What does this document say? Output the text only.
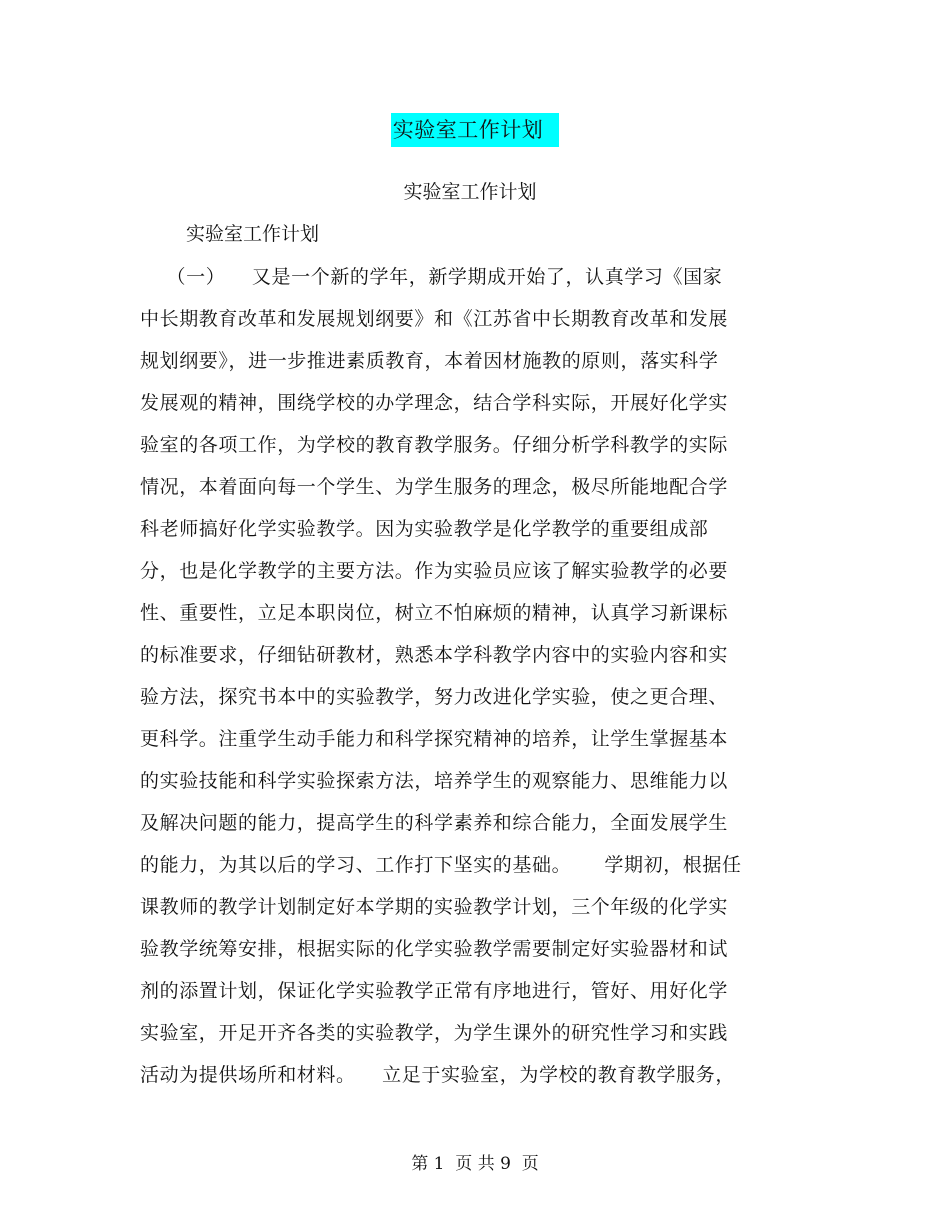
实验室工作计划
实验室工作计划
实验室工作计划
（一）    又是一个新的学年，新学期成开始了，认真学习《国家
中长期教育改革和发展规划纲要》和《江苏省中长期教育改革和发展
规划纲要》，进一步推进素质教育，本着因材施教的原则，落实科学
发展观的精神，围绕学校的办学理念，结合学科实际，开展好化学实
验室的各项工作，为学校的教育教学服务。仔细分析学科教学的实际
情况，本着面向每一个学生、为学生服务的理念，极尽所能地配合学
科老师搞好化学实验教学。因为实验教学是化学教学的重要组成部
分，也是化学教学的主要方法。作为实验员应该了解实验教学的必要
性、重要性，立足本职岗位，树立不怕麻烦的精神，认真学习新课标
的标准要求，仔细钻研教材，熟悉本学科教学内容中的实验内容和实
验方法，探究书本中的实验教学，努力改进化学实验，使之更合理、
更科学。注重学生动手能力和科学探究精神的培养，让学生掌握基本
的实验技能和科学实验探索方法，培养学生的观察能力、思维能力以
及解决问题的能力，提高学生的科学素养和综合能力，全面发展学生
的能力，为其以后的学习、工作打下坚实的基础。     学期初，根据任
课教师的教学计划制定好本学期的实验教学计划，三个年级的化学实
验教学统筹安排，根据实际的化学实验教学需要制定好实验器材和试
剂的添置计划，保证化学实验教学正常有序地进行，管好、用好化学
实验室，开足开齐各类的实验教学，为学生课外的研究性学习和实践
活动为提供场所和材料。    立足于实验室，为学校的教育教学服务，
第 1  页 共 9  页
